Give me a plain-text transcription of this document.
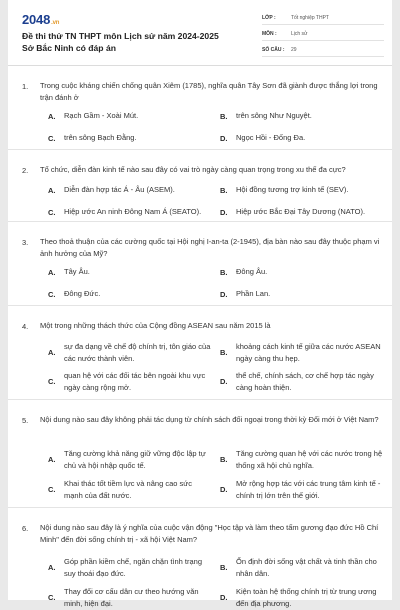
2048.vn
Đề thi thử TN THPT môn Lịch sử năm 2024-2025 Sở Bắc Ninh có đáp án
LỚP :	Tốt nghiệp THPT
MÔN :	Lịch sử
SỐ CÂU :	29
1. Trong cuộc kháng chiến chống quân Xiêm (1785), nghĩa quân Tây Sơn đã giành được thắng lợi trong trận đánh ở
A. Rạch Gầm - Xoài Mút.	B. trên sông Như Nguyệt.
C. trên sông Bạch Đằng.	D. Ngọc Hồi - Đống Đa.
2. Tổ chức, diễn đàn kinh tế nào sau đây có vai trò ngày càng quan trọng trong xu thế đa cực?
A. Diễn đàn hợp tác Á - Âu (ASEM).	B. Hội đồng tương trợ kinh tế (SEV).
C. Hiệp ước An ninh Đông Nam Á (SEATO).	D. Hiệp ước Bắc Đại Tây Dương (NATO).
3. Theo thoả thuận của các cường quốc tại Hội nghị I-an-ta (2-1945), địa bàn nào sau đây thuộc phạm vi ảnh hưởng của Mỹ?
A. Tây Âu.	B. Đông Âu.
C. Đông Đức.	D. Phần Lan.
4. Một trong những thách thức của Cộng đồng ASEAN sau năm 2015 là
A.
sự đa dạng về chế độ chính trị, tôn giáo của các nước thành viên.
B.
khoảng cách kinh tế giữa các nước ASEAN ngày càng thu hẹp.
C.
quan hệ với các đối tác bên ngoài khu vực ngày càng rộng mở.
D.
thể chế, chính sách, cơ chế hợp tác ngày càng hoàn thiện.
5. Nội dung nào sau đây không phải tác dụng từ chính sách đối ngoại trong thời kỳ Đổi mới ở Việt Nam?
A.
Tăng cường khả năng giữ vững độc lập tự chủ và hội nhập quốc tế.
B.
Tăng cường quan hệ với các nước trong hệ thống xã hội chủ nghĩa.
C.
Khai thác tốt tiềm lực và nâng cao sức mạnh của đất nước.
D.
Mở rộng hợp tác với các trung tâm kinh tế - chính trị lớn trên thế giới.
6. Nội dung nào sau đây là ý nghĩa của cuộc vận động "Học tập và làm theo tấm gương đạo đức Hồ Chí Minh" đến đời sống chính trị - xã hội Việt Nam?
A.
Góp phần kiềm chế, ngăn chặn tình trạng suy thoái đạo đức.
B.
Ổn định đời sống vật chất và tinh thần cho nhân dân.
C.
Thay đổi cơ cấu dân cư theo hướng văn minh, hiện đại.
D.
Kiện toàn hệ thống chính trị từ trung ương đến địa phương.
